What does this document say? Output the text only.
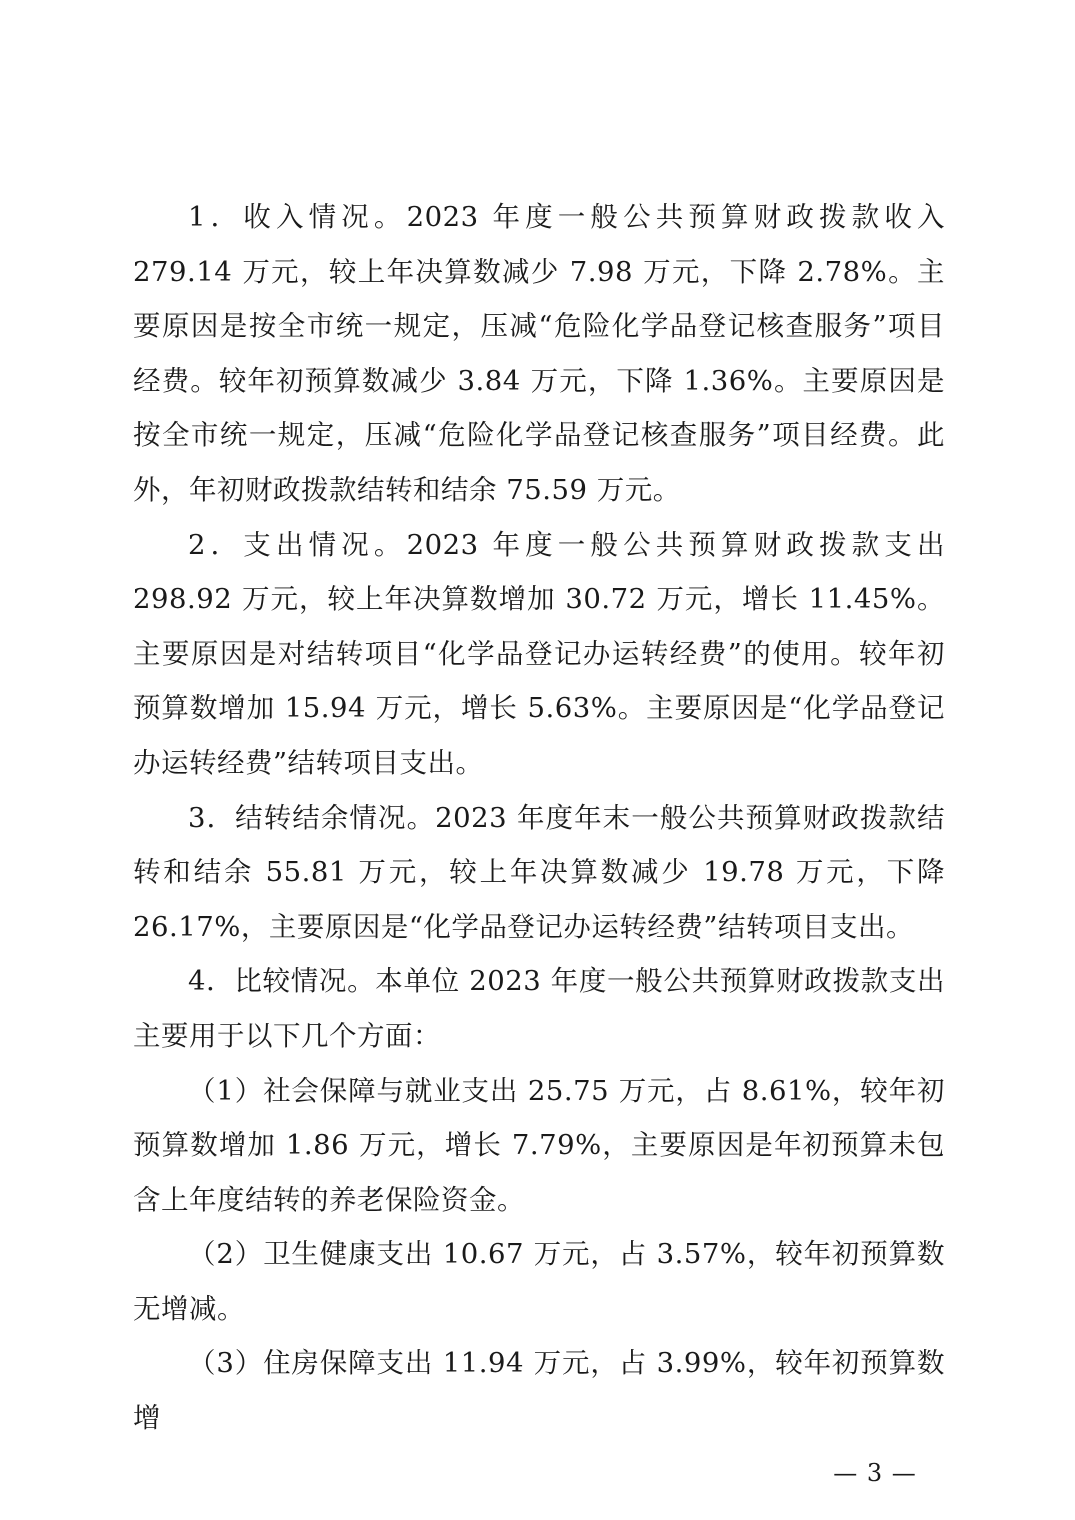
1．收入情况。2023 年度一般公共预算财政拨款收入 279.14 万元，较上年决算数减少 7.98 万元，下降 2.78%。主要原因是按全市统一规定，压减“危险化学品登记核查服务”项目经费。较年初预算数减少 3.84 万元，下降 1.36%。主要原因是按全市统一规定，压减“危险化学品登记核查服务”项目经费。此外，年初财政拨款结转和结余 75.59 万元。

2．支出情况。2023 年度一般公共预算财政拨款支出 298.92 万元，较上年决算数增加 30.72 万元，增长 11.45%。主要原因是对结转项目“化学品登记办运转经费”的使用。较年初预算数增加 15.94 万元，增长 5.63%。主要原因是“化学品登记办运转经费”结转项目支出。

3．结转结余情况。2023 年度年末一般公共预算财政拨款结转和结余 55.81 万元，较上年决算数减少 19.78 万元，下降 26.17%，主要原因是“化学品登记办运转经费”结转项目支出。

4．比较情况。本单位 2023 年度一般公共预算财政拨款支出主要用于以下几个方面：

（1）社会保障与就业支出 25.75 万元，占 8.61%，较年初预算数增加 1.86 万元，增长 7.79%，主要原因是年初预算未包含上年度结转的养老保险资金。

（2）卫生健康支出 10.67 万元，占 3.57%，较年初预算数无增减。

（3）住房保障支出 11.94 万元，占 3.99%，较年初预算数增

— 3 —
